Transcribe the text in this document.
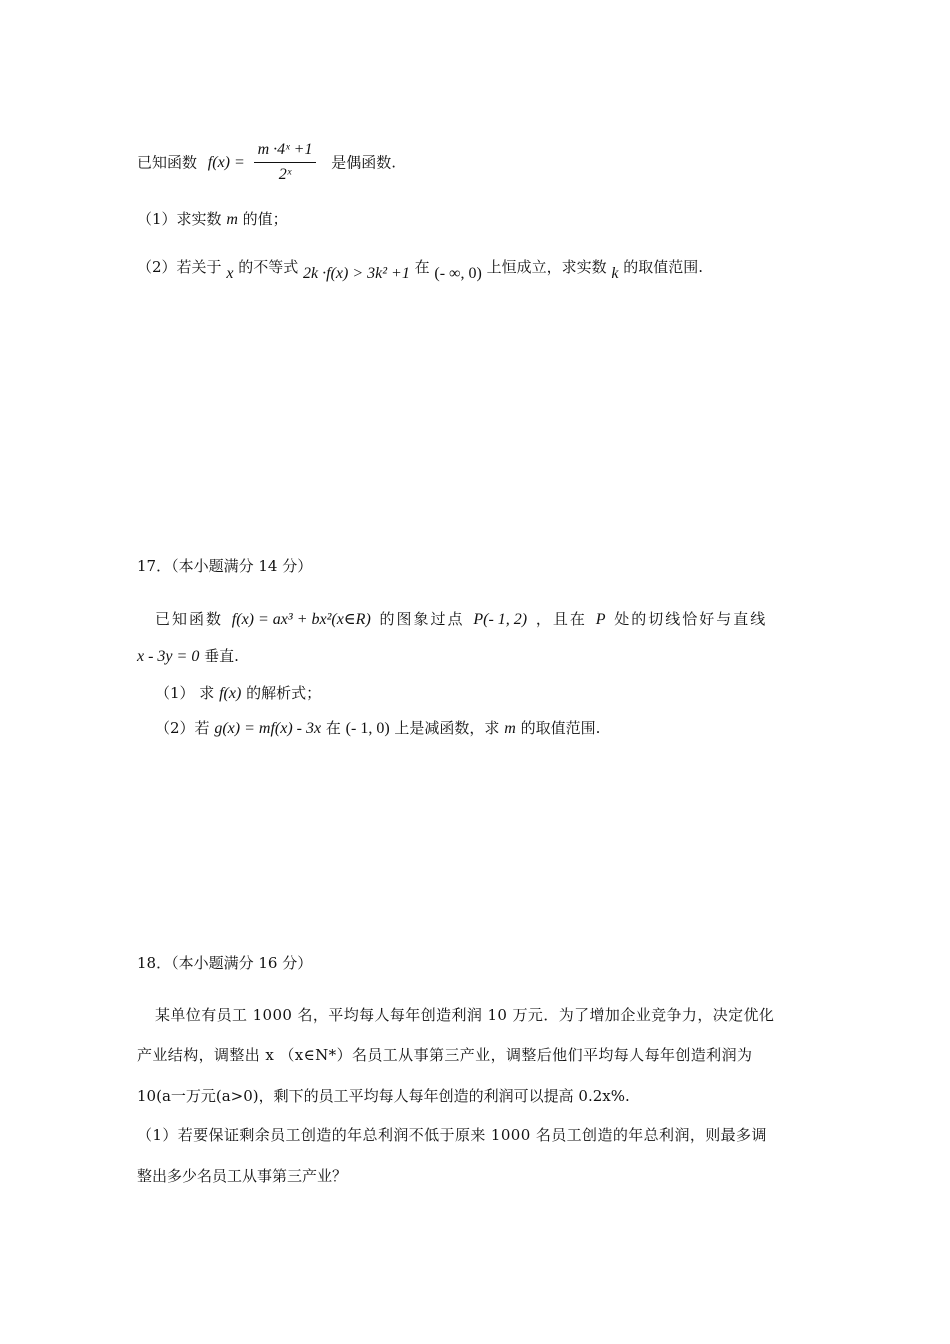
已知函数 $f(x) = \frac{\text{m ·4ˣ +1}}{\text{2ˣ}}$ 是偶函数.
（1）求实数 m 的值；
（2）若关于 x 的不等式 2k ·f(x) > 3k² +1 在 (- ∞, 0) 上恒成立，求实数 k 的取值范围.
17．（本小题满分 14 分）
已知函数 f(x) = ax³ + bx²(x∈R) 的图象过点 P(- 1, 2) ，且在 P 处的切线恰好与直线
x - 3y = 0 垂直.
（1） 求 f(x) 的解析式；
（2）若 g(x) = mf(x) - 3x 在 (- 1, 0) 上是减函数，求 m 的取值范围.
18．（本小题满分 16 分）
某单位有员工 1000 名，平均每人每年创造利润 10 万元．为了增加企业竞争力，决定优化
产业结构，调整出 x （x∈N*）名员工从事第三产业，调整后他们平均每人每年创造利润为
10(a一万元(a>0)，剩下的员工平均每人每年创造的利润可以提高 0.2x%.
（1）若要保证剩余员工创造的年总利润不低于原来 1000 名员工创造的年总利润，则最多调
整出多少名员工从事第三产业？
